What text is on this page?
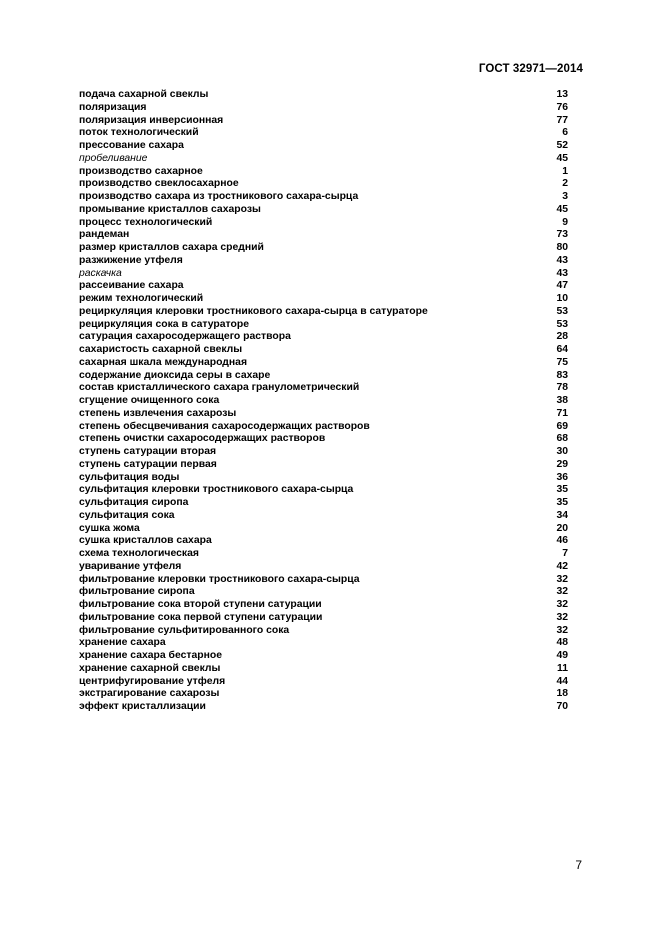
ГОСТ 32971—2014
подача сахарной свеклы	13
поляризация	76
поляризация инверсионная	77
поток технологический	6
прессование сахара	52
пробеливание	45
производство сахарное	1
производство свеклосахарное	2
производство сахара из тростникового сахара-сырца	3
промывание кристаллов сахарозы	45
процесс технологический	9
рандеман	73
размер кристаллов сахара средний	80
разжижение утфеля	43
раскачка	43
рассеивание сахара	47
режим технологический	10
рециркуляция клеровки тростникового сахара-сырца в сатураторе	53
рециркуляция сока в сатураторе	53
сатурация сахаросодержащего раствора	28
сахаристость сахарной свеклы	64
сахарная шкала международная	75
содержание диоксида серы в сахаре	83
состав кристаллического сахара гранулометрический	78
сгущение очищенного сока	38
степень извлечения сахарозы	71
степень обесцвечивания сахаросодержащих растворов	69
степень очистки сахаросодержащих растворов	68
ступень сатурации вторая	30
ступень сатурации первая	29
сульфитация воды	36
сульфитация клеровки тростникового сахара-сырца	35
сульфитация сиропа	35
сульфитация сока	34
сушка жома	20
сушка кристаллов сахара	46
схема технологическая	7
уваривание утфеля	42
фильтрование клеровки тростникового сахара-сырца	32
фильтрование сиропа	32
фильтрование сока второй ступени сатурации	32
фильтрование сока первой ступени сатурации	32
фильтрование сульфитированного сока	32
хранение сахара	48
хранение сахара бестарное	49
хранение сахарной свеклы	11
центрифугирование утфеля	44
экстрагирование сахарозы	18
эффект кристаллизации	70
7
